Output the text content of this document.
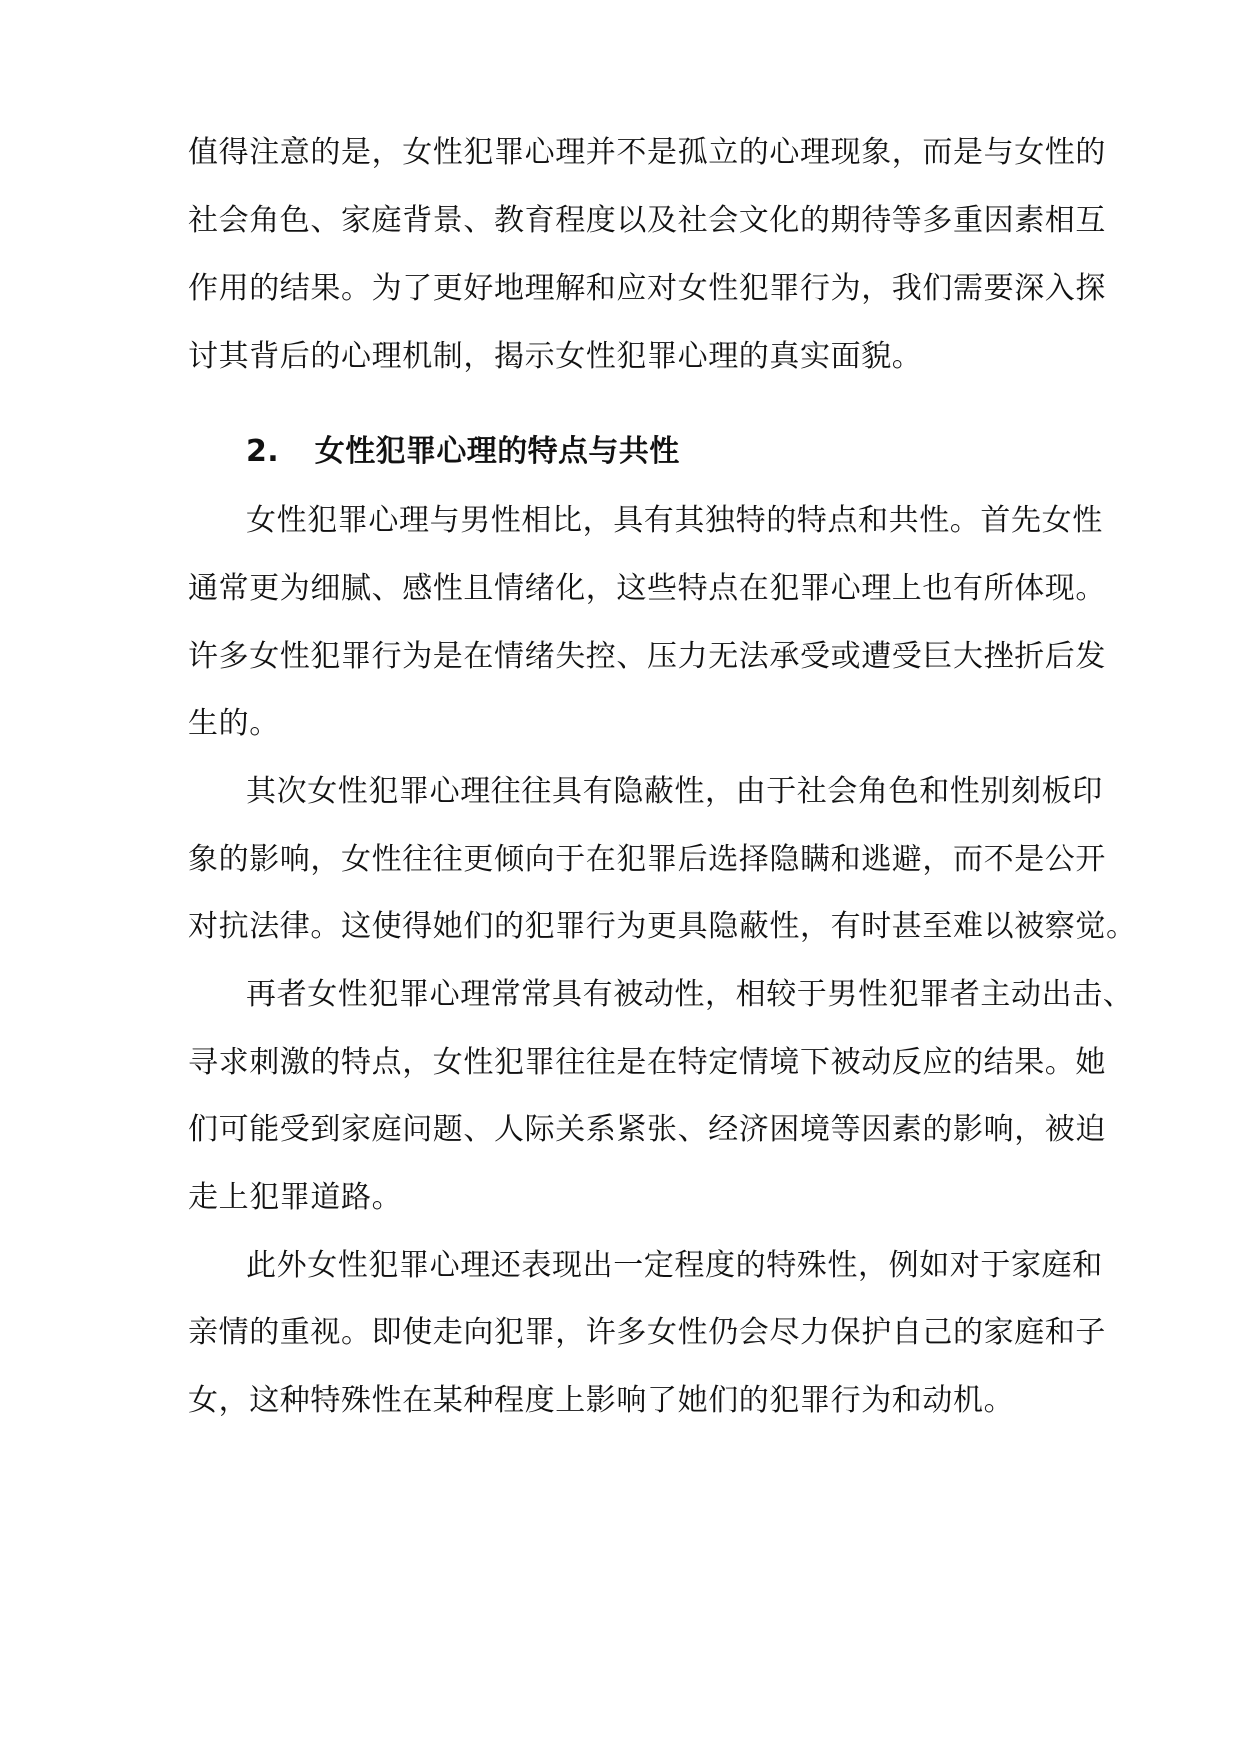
值得注意的是，女性犯罪心理并不是孤立的心理现象，而是与女性的
社会角色、家庭背景、教育程度以及社会文化的期待等多重因素相互
作用的结果。为了更好地理解和应对女性犯罪行为，我们需要深入探
讨其背后的心理机制，揭示女性犯罪心理的真实面貌。
2. 女性犯罪心理的特点与共性
女性犯罪心理与男性相比，具有其独特的特点和共性。首先女性
通常更为细腻、感性且情绪化，这些特点在犯罪心理上也有所体现。
许多女性犯罪行为是在情绪失控、压力无法承受或遭受巨大挫折后发
生的。
其次女性犯罪心理往往具有隐蔽性，由于社会角色和性别刻板印
象的影响，女性往往更倾向于在犯罪后选择隐瞒和逃避，而不是公开
对抗法律。这使得她们的犯罪行为更具隐蔽性，有时甚至难以被察觉。
再者女性犯罪心理常常具有被动性，相较于男性犯罪者主动出击、
寻求刺激的特点，女性犯罪往往是在特定情境下被动反应的结果。她
们可能受到家庭问题、人际关系紧张、经济困境等因素的影响，被迫
走上犯罪道路。
此外女性犯罪心理还表现出一定程度的特殊性，例如对于家庭和
亲情的重视。即使走向犯罪，许多女性仍会尽力保护自己的家庭和子
女，这种特殊性在某种程度上影响了她们的犯罪行为和动机。
